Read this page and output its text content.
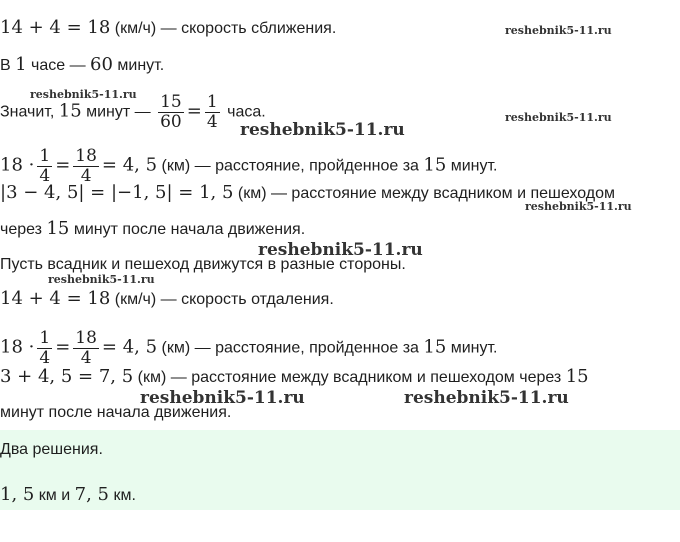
14 + 4 = 18 (км/ч) — скорость сближения.
В 1 часе — 60 минут.
Значит, 15 минут — $\frac{15}{60} = \frac{1}{4}$ часа.
$18 \cdot \frac{1}{4} = \frac{18}{4} = 4$, 5 (км) — расстояние, пройденное за 15 минут.
|3 − 4, 5| = |−1, 5| = 1, 5 (км) — расстояние между всадником и пешеходом
через 15 минут после начала движения.
Пусть всадник и пешеход движутся в разные стороны.
14 + 4 = 18 (км/ч) — скорость отдаления.
$18 \cdot \frac{1}{4} = \frac{18}{4} = 4$, 5 (км) — расстояние, пройденное за 15 минут.
3 + 4, 5 = 7, 5 (км) — расстояние между всадником и пешеходом через 15
минут после начала движения.
Два решения.
1, 5 км и 7, 5 км.
reshebnik5-11.ru
reshebnik5-11.ru
reshebnik5-11.ru
reshebnik5-11.ru
reshebnik5-11.ru
reshebnik5-11.ru
reshebnik5-11.ru
reshebnik5-11.ru	reshebnik5-11.ru
